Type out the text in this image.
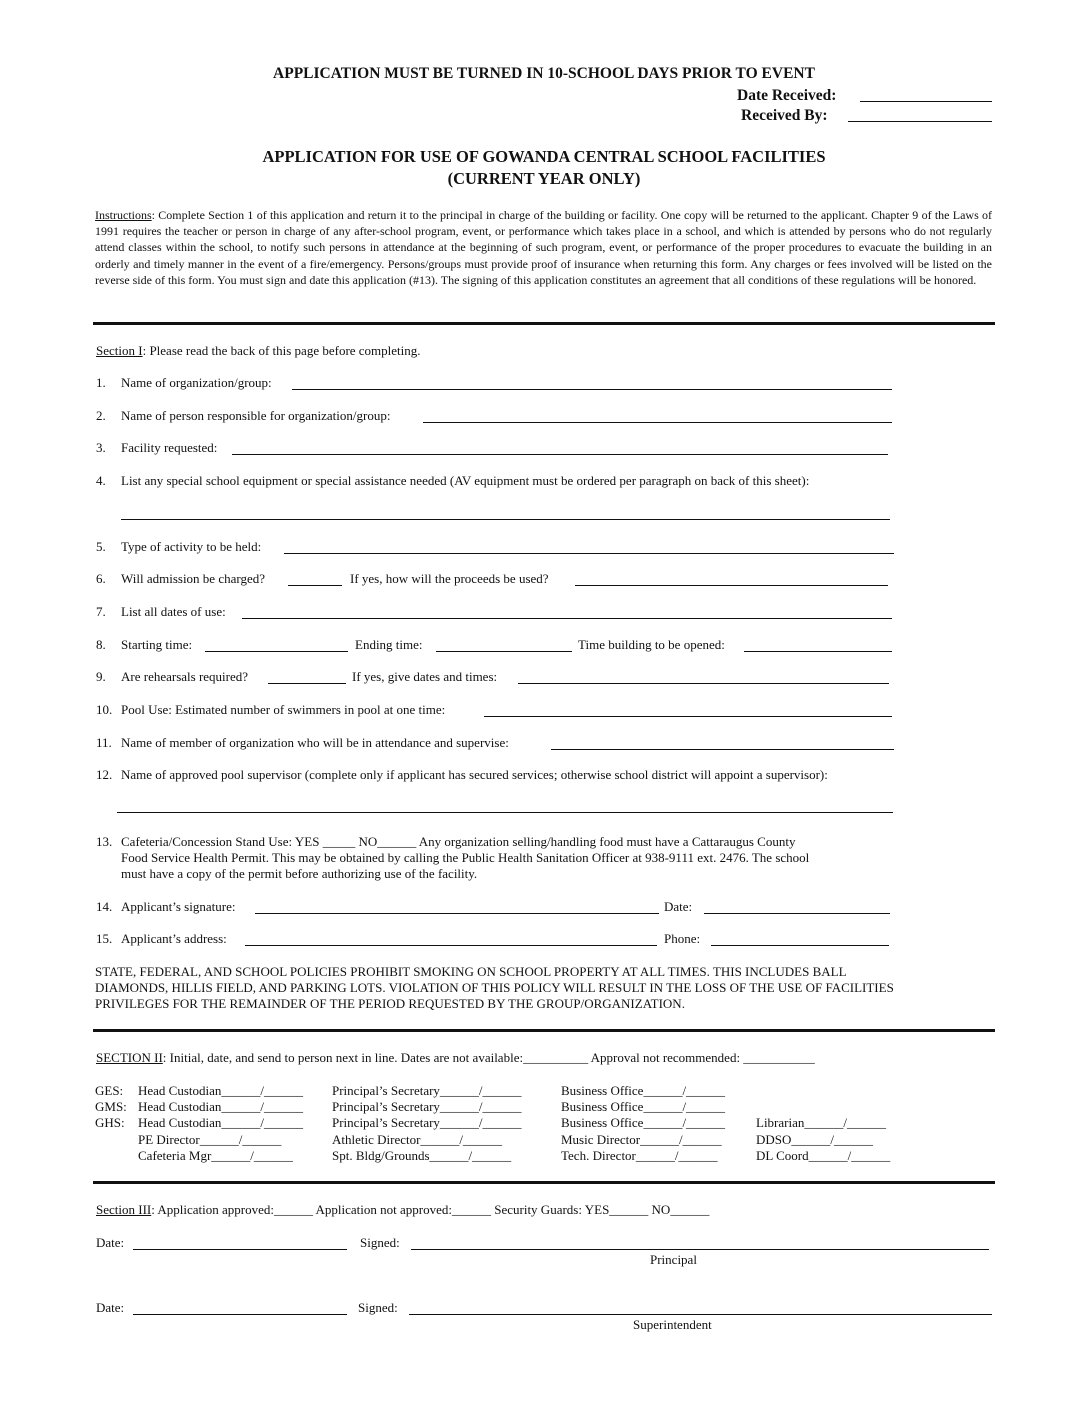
APPLICATION MUST BE TURNED IN 10-SCHOOL DAYS PRIOR TO EVENT
Date Received:
Received By:
APPLICATION FOR USE OF GOWANDA CENTRAL SCHOOL FACILITIES
(CURRENT YEAR ONLY)
Instructions: Complete Section 1 of this application and return it to the principal in charge of the building or facility. One copy will be returned to the applicant. Chapter 9 of the Laws of 1991 requires the teacher or person in charge of any after-school program, event, or performance which takes place in a school, and which is attended by persons who do not regularly attend classes within the school, to notify such persons in attendance at the beginning of such program, event, or performance of the proper procedures to evacuate the building in an orderly and timely manner in the event of a fire/emergency. Persons/groups must provide proof of insurance when returning this form. Any charges or fees involved will be listed on the reverse side of this form. You must sign and date this application (#13). The signing of this application constitutes an agreement that all conditions of these regulations will be honored.
Section I: Please read the back of this page before completing.
1. Name of organization/group:
2. Name of person responsible for organization/group:
3. Facility requested:
4. List any special school equipment or special assistance needed (AV equipment must be ordered per paragraph on back of this sheet):
5. Type of activity to be held:
6. Will admission be charged?	If yes, how will the proceeds be used?
7. List all dates of use:
8. Starting time:	Ending time:	Time building to be opened:
9. Are rehearsals required?	If yes, give dates and times:
10. Pool Use: Estimated number of swimmers in pool at one time:
11. Name of member of organization who will be in attendance and supervise:
12. Name of approved pool supervisor (complete only if applicant has secured services; otherwise school district will appoint a supervisor):
13. Cafeteria/Concession Stand Use: YES _____ NO______ Any organization selling/handling food must have a Cattaraugus County
Food Service Health Permit. This may be obtained by calling the Public Health Sanitation Officer at 938-9111 ext. 2476. The school
must have a copy of the permit before authorizing use of the facility.
14. Applicant’s signature:	Date:
15. Applicant’s address:	Phone:
STATE, FEDERAL, AND SCHOOL POLICIES PROHIBIT SMOKING ON SCHOOL PROPERTY AT ALL TIMES. THIS INCLUDES BALL
DIAMONDS, HILLIS FIELD, AND PARKING LOTS. VIOLATION OF THIS POLICY WILL RESULT IN THE LOSS OF THE USE OF FACILITIES
PRIVILEGES FOR THE REMAINDER OF THE PERIOD REQUESTED BY THE GROUP/ORGANIZATION.
SECTION II: Initial, date, and send to person next in line. Dates are not available:__________ Approval not recommended: ___________
GES: Head Custodian______/______ Principal’s Secretary______/______	Business Office______/______
GMS: Head Custodian______/______ Principal’s Secretary______/______	Business Office______/______
GHS: Head Custodian______/______ Principal’s Secretary______/______	Business Office______/______ Librarian______/______
PE Director______/______	Athletic Director______/______	Music Director______/______	DDSO______/______
Cafeteria Mgr______/______	Spt. Bldg/Grounds______/______	Tech. Director______/______	DL Coord______/______
Section III: Application approved:______ Application not approved:______ Security Guards: YES______ NO______
Date:	Signed:
Principal
Date:	Signed:
Superintendent
